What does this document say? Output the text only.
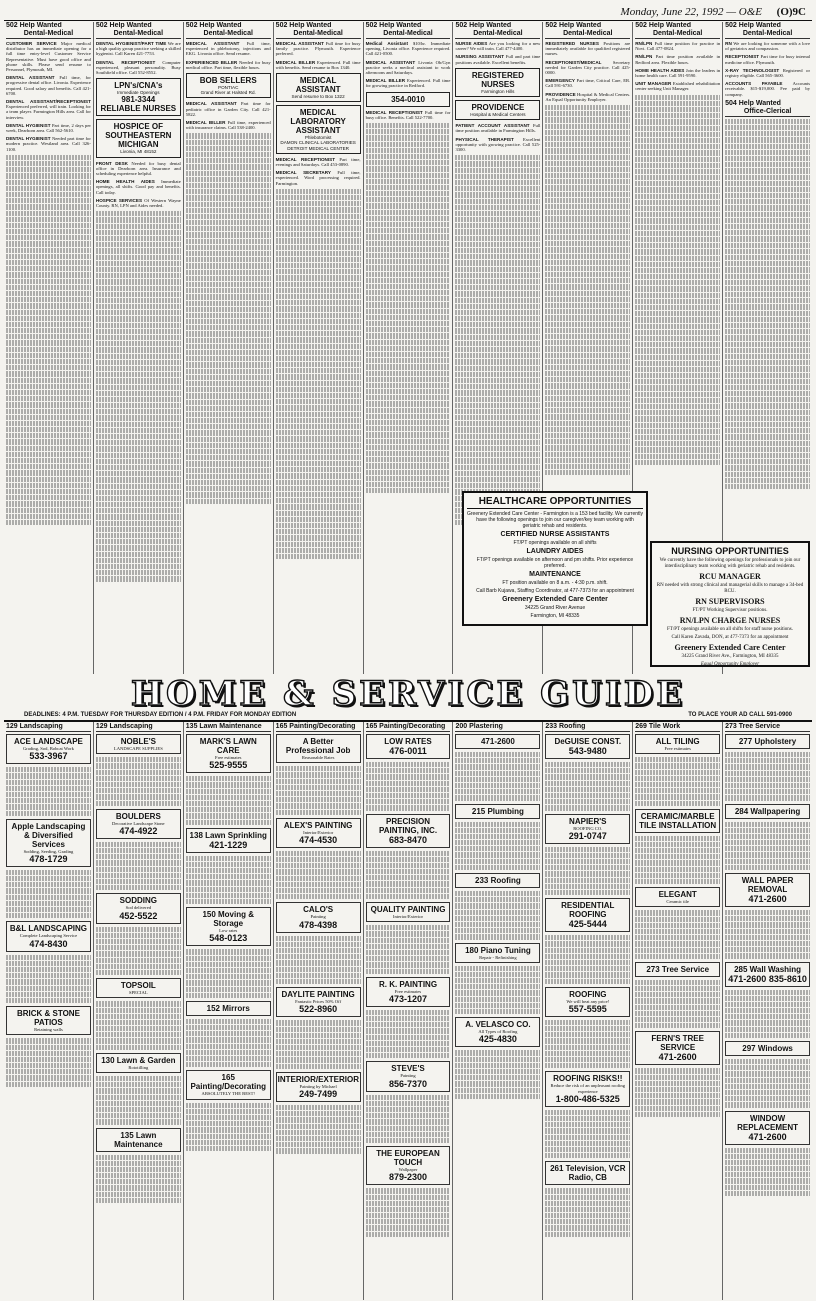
Monday, June 22, 1992 — O&E (O)9C
502 Help Wanted
Dental-Medical

CUSTOMER SERVICE Major medical distributor has an immediate opening for a full time entry-level Customer Service Representative. Must have good office and phone skills. Please send resume to Personnel, Plymouth, MI.

DENTAL ASSISTANT Full time, for progressive dental office. Livonia. Experience required. Good salary and benefits. Call 421-6700.

DENTAL ASSISTANT/RECEPTIONIST Experienced preferred, will train. Looking for a team player. Farmington Hills area. Call for interview.

DENTAL HYGIENIST Part time, 2 days per week, Dearborn area. Call 562-5610.

DENTAL HYGIENIST Needed part time for modern practice. Westland area. Call 326-1100.

502 Help Wanted
Dental-Medical

DENTAL HYGIENIST/PART TIME We are a high quality group practice seeking a skilled hygienist. Call Karen 421-7753.

DENTAL RECEPTIONIST Computer experienced, pleasant personality. Busy Southfield office. Call 552-8552.

LPN's/CNA's
Immediate Openings
981-3344
RELIABLE NURSES
HOSPICE OF SOUTHEASTERN MICHIGAN
Livonia, MI 48152

FRONT DESK Needed for busy dental office in Dearborn area. Insurance and scheduling experience helpful.

HOME HEALTH AIDES Immediate openings, all shifts. Good pay and benefits. Call today.

HOSPICE SERVICES Of Western Wayne County. RN, LPN and Aides needed.

502 Help Wanted
Dental-Medical

MEDICAL ASSISTANT Full time, experienced in phlebotomy, injections and EKG. Livonia office. Send resume.

EXPERIENCED BILLER Needed for busy medical office. Part time, flexible hours.

BOB SELLERS
PONTIAC
Grand River at Halsted Rd.

MEDICAL ASSISTANT Part time for pediatric office in Garden City. Call 421-5822.

MEDICAL BILLER Full time, experienced with insurance claims. Call 538-2400.

502 Help Wanted
Dental-Medical

MEDICAL ASSISTANT Full time for busy family practice. Plymouth. Experience preferred.

MEDICAL BILLER Experienced. Full time with benefits. Send resume to Box 1340.

MEDICAL ASSISTANT
Send resume to Box 1322
MEDICAL LABORATORY ASSISTANT
Phlebotomist
DAMON CLINICAL LABORATORIES
DETROIT MEDICAL CENTER

MEDICAL RECEPTIONIST Part time, evenings and Saturdays. Call 453-0890.

MEDICAL SECRETARY Full time, experienced. Word processing required. Farmington.

502 Help Wanted
Dental-Medical

Medical Assistant $10/hr. Immediate opening, Livonia office. Experience required. Call 421-0500.

MEDICAL ASSISTANT Livonia Ob/Gyn practice seeks a medical assistant to work afternoons and Saturdays.

MEDICAL BILLER Experienced. Full time for growing practice in Redford.

354-0010

MEDICAL RECEPTIONIST Full time for busy office. Benefits. Call 522-7700.

502 Help Wanted
Dental-Medical

NURSE AIDES Are you looking for a new career? We will train. Call 477-4400.

NURSING ASSISTANT Full and part time positions available. Excellent benefits.

REGISTERED NURSES
Farmington Hills
PROVIDENCE
Hospital & Medical Centers

PATIENT ACCOUNT ASSISTANT Full time position available in Farmington Hills.

PHYSICAL THERAPIST Excellent opportunity with growing practice. Call 525-3300.

502 Help Wanted
Dental-Medical

REGISTERED NURSES Positions are immediately available for qualified registered nurses.

RECEPTIONIST/MEDICAL Secretary needed for Garden City practice. Call 425-0000.

EMERGENCY Part time, Critical Care, ER. Call 591-6730.

PROVIDENCE Hospital & Medical Centers. An Equal Opportunity Employer.

502 Help Wanted
Dental-Medical

RN/LPN Full time position for practice in Novi. Call 477-0824.

RN/LPN Part time position available in Redford area. Flexible hours.

HOME HEALTH AIDES Join the leaders in home health care. Call 591-9590.

UNIT MANAGER Established rehabilitation center seeking Unit Manager.

502 Help Wanted
Dental-Medical

RN We are looking for someone with a love of geriatrics and compassion.

RECEPTIONIST Part time for busy internal medicine office. Plymouth.

X-RAY TECHNOLOGIST Registered or registry eligible. Call 565-3600.

ACCOUNTS PAYABLE Accounts receivable. $15-$19,000. Fee paid by company.

504 Help Wanted
Office-Clerical
HEALTHCARE OPPORTUNITIES

Greenery Extended Care Center - Farmington is a 153 bed facility. We currently have the following openings to join our caregiver/key team working with geriatric rehab and residents.

CERTIFIED NURSE ASSISTANTS

FT/PT openings available on all shifts

LAUNDRY AIDES

FT/PT openings available on afternoon and pm shifts. Prior experience preferred.

MAINTENANCE

FT position available on 8 a.m. - 4:30 p.m. shift.

Call Barb Kujawa, Staffing Coordinator, at 477-7373 for an appointment

Greenery Extended Care Center

34225 Grand River Avenue

Farmington, MI 48335

NURSING OPPORTUNITIES

We currently have the following openings for professionals to join our interdisciplinary team working with geriatric rehab and residents.

RCU MANAGER

RN needed with strong clinical and managerial skills to manage a 34-bed RCU.

RN SUPERVISORS

FT/PT Working Supervisor positions.

RN/LPN CHARGE NURSES

FT/PT openings available on all shifts for staff nurse positions.

Call Karen Zavada, DON, at 477-7373 for an appointment

Greenery Extended Care Center

34225 Grand River Ave., Farmington, MI 48335

Equal Opportunity Employer

HOME & SERVICE GUIDE
DEADLINES: 4 P.M. TUESDAY FOR THURSDAY EDITION / 4 P.M. FRIDAY FOR MONDAY EDITION	TO PLACE YOUR AD CALL 591-0900
129 Landscaping
ACE LANDSCAPE
Grading, Sod, Bobcat Work
533-3967
Apple Landscaping & Diversified Services
Sodding, Seeding, Grading
478-1729
B&L LANDSCAPING
Complete Landscaping Service
474-8430
BRICK & STONE PATIOS
Retaining walls
129 Landscaping
NOBLE'S
LANDSCAPE SUPPLIES
BOULDERS
Decorative Landscape Stone
474-4922
SODDING
Sod delivered
452-5522
TOPSOIL
SPECIAL
130 Lawn & Garden
Rototilling
135 Lawn Maintenance
135 Lawn Maintenance
MARK'S LAWN CARE
Free estimates
525-9555
138 Lawn Sprinkling
421-1229
150 Moving & Storage
Low rates
548-0123
152 Mirrors
165 Painting/Decorating
ABSOLUTELY THE BEST!
165 Painting/Decorating
A Better Professional Job
Reasonable Rates
ALEX'S PAINTING
Interior/Exterior
474-4530
CALO'S
Painting
478-4398
DAYLITE PAINTING
Fantastic Prices 50% Off
522-8960
INTERIOR/EXTERIOR
Painting by Michael
249-7499
165 Painting/Decorating
LOW RATES
476-0011
PRECISION PAINTING, INC.
683-8470
QUALITY PAINTING
Interior/Exterior
R. K. PAINTING
Free estimates
473-1207
STEVE'S
Painting
856-7370
THE EUROPEAN TOUCH
Wallpaper
879-2300
200 Plastering
471-2600
215 Plumbing
233 Roofing
180 Piano Tuning
Repair - Refinishing
A. VELASCO CO.
All Types of Roofing
425-4830
233 Roofing
DeGUISE CONST.
543-9480
NAPIER'S
ROOFING CO.
291-0747
RESIDENTIAL ROOFING
425-5444
ROOFING
We will beat any price!
557-5595
ROOFING RISKS!!
Reduce the risk of an unpleasant roofing experience
1-800-486-5325
261 Television, VCR Radio, CB
269 Tile Work
ALL TILING
Free estimates
CERAMIC/MARBLE TILE INSTALLATION
ELEGANT
Ceramic tile
273 Tree Service
FERN'S TREE SERVICE
471-2600
273 Tree Service
277 Upholstery
284 Wallpapering
WALL PAPER REMOVAL
471-2600
285 Wall Washing
471-2600 835-8610
297 Windows
WINDOW REPLACEMENT
471-2600
